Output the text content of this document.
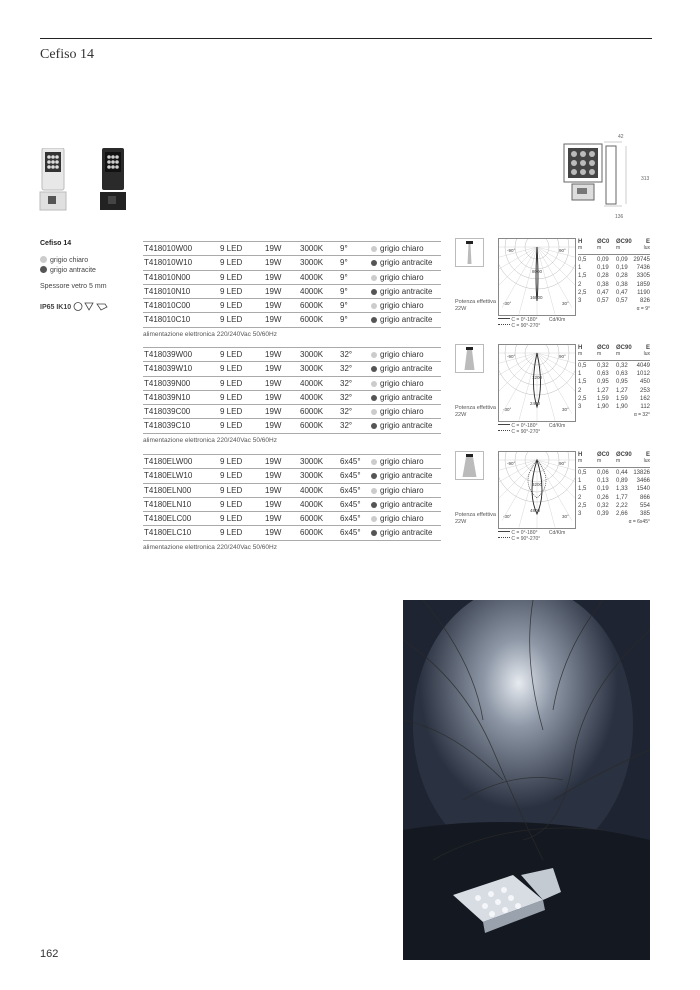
Cefiso 14
42
313
136
Cefiso 14
grigio chiaro
grigio antracite
Spessore vetro 5 mm
IP65 IK10
T418010W00	9 LED	19W 3000K 9°	grigio chiaro
T418010W10	9 LED	19W 3000K 9°	grigio antracite
T418010N00	9 LED	19W 4000K 9°	grigio chiaro
T418010N10	9 LED	19W 4000K 9°	grigio antracite
T418010C00	9 LED	19W 6000K 9°	grigio chiaro
T418010C10	9 LED	19W 6000K 9°	grigio antracite
alimentazione elettronica 220/240Vac 50/60Hz
-90°	90°
-30°	30°
8000
16000
Potenza effettiva
22W
C = 0°-180° Cd/Klm
C = 90°-270°
H ØC0 ØC90 E
m	m	m	lux
0,5 0,09 0,09 29745
1	0,19 0,19 7436
1,5 0,28 0,28 3305
2	0,38 0,38 1859
2,5 0,47 0,47 1190
3	0,57 0,57 826
α = 9°
T418039W00	9 LED	19W 3000K 32°	grigio chiaro
T418039W10	9 LED	19W 3000K 32°	grigio antracite
T418039N00	9 LED	19W 4000K 32°	grigio chiaro
T418039N10	9 LED	19W 4000K 32°	grigio antracite
T418039C00	9 LED	19W 6000K 32°	grigio chiaro
T418039C10	9 LED	19W 6000K 32°	grigio antracite
alimentazione elettronica 220/240Vac 50/60Hz
-90°	90°
-30°	30°
1200
2400
Potenza effettiva
22W
C = 0°-180° Cd/Klm
C = 90°-270°
H ØC0 ØC90 E
m	m	m	lux
0,5 0,32 0,32 4049
1	0,63 0,63 1012
1,5 0,95 0,95 450
2	1,27 1,27 253
2,5 1,59 1,59 162
3	1,90 1,90 112
α = 32°
T4180ELW00	9 LED	19W 3000K 6x45°	grigio chiaro
T4180ELW10	9 LED	19W 3000K 6x45°	grigio antracite
T4180ELN00	9 LED	19W 4000K 6x45°	grigio chiaro
T4180ELN10	9 LED	19W 4000K 6x45°	grigio antracite
T4180ELC00	9 LED	19W 6000K 6x45°	grigio chiaro
T4180ELC10	9 LED	19W 6000K 6x45°	grigio antracite
alimentazione elettronica 220/240Vac 50/60Hz
-90°	90°
-30°	30°
3200
4800
Potenza effettiva
22W
C = 0°-180° Cd/Klm
C = 90°-270°
H ØC0 ØC90 E
m	m	m	lux
0,5 0,06 0,44 13826
1	0,13 0,89 3466
1,5 0,19 1,33 1540
2	0,26 1,77 866
2,5 0,32 2,22 554
3	0,39 2,66 385
α = 6x45°
162
